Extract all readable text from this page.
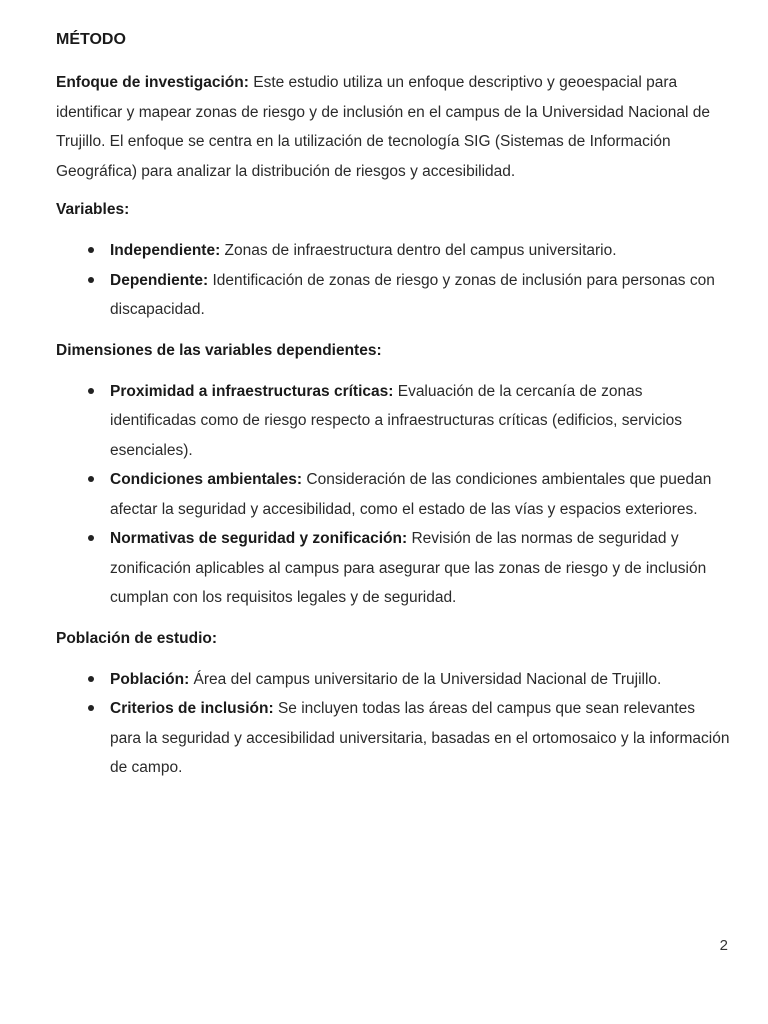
MÉTODO

Enfoque de investigación: Este estudio utiliza un enfoque descriptivo y geoespacial para identificar y mapear zonas de riesgo y de inclusión en el campus de la Universidad Nacional de Trujillo. El enfoque se centra en la utilización de tecnología SIG (Sistemas de Información Geográfica) para analizar la distribución de riesgos y accesibilidad.

Variables:
Independiente: Zonas de infraestructura dentro del campus universitario.
Dependiente: Identificación de zonas de riesgo y zonas de inclusión para personas con discapacidad.
Dimensiones de las variables dependientes:
Proximidad a infraestructuras críticas: Evaluación de la cercanía de zonas identificadas como de riesgo respecto a infraestructuras críticas (edificios, servicios esenciales).
Condiciones ambientales: Consideración de las condiciones ambientales que puedan afectar la seguridad y accesibilidad, como el estado de las vías y espacios exteriores.
Normativas de seguridad y zonificación: Revisión de las normas de seguridad y zonificación aplicables al campus para asegurar que las zonas de riesgo y de inclusión cumplan con los requisitos legales y de seguridad.
Población de estudio:
Población: Área del campus universitario de la Universidad Nacional de Trujillo.
Criterios de inclusión: Se incluyen todas las áreas del campus que sean relevantes para la seguridad y accesibilidad universitaria, basadas en el ortomosaico y la información de campo.
2
